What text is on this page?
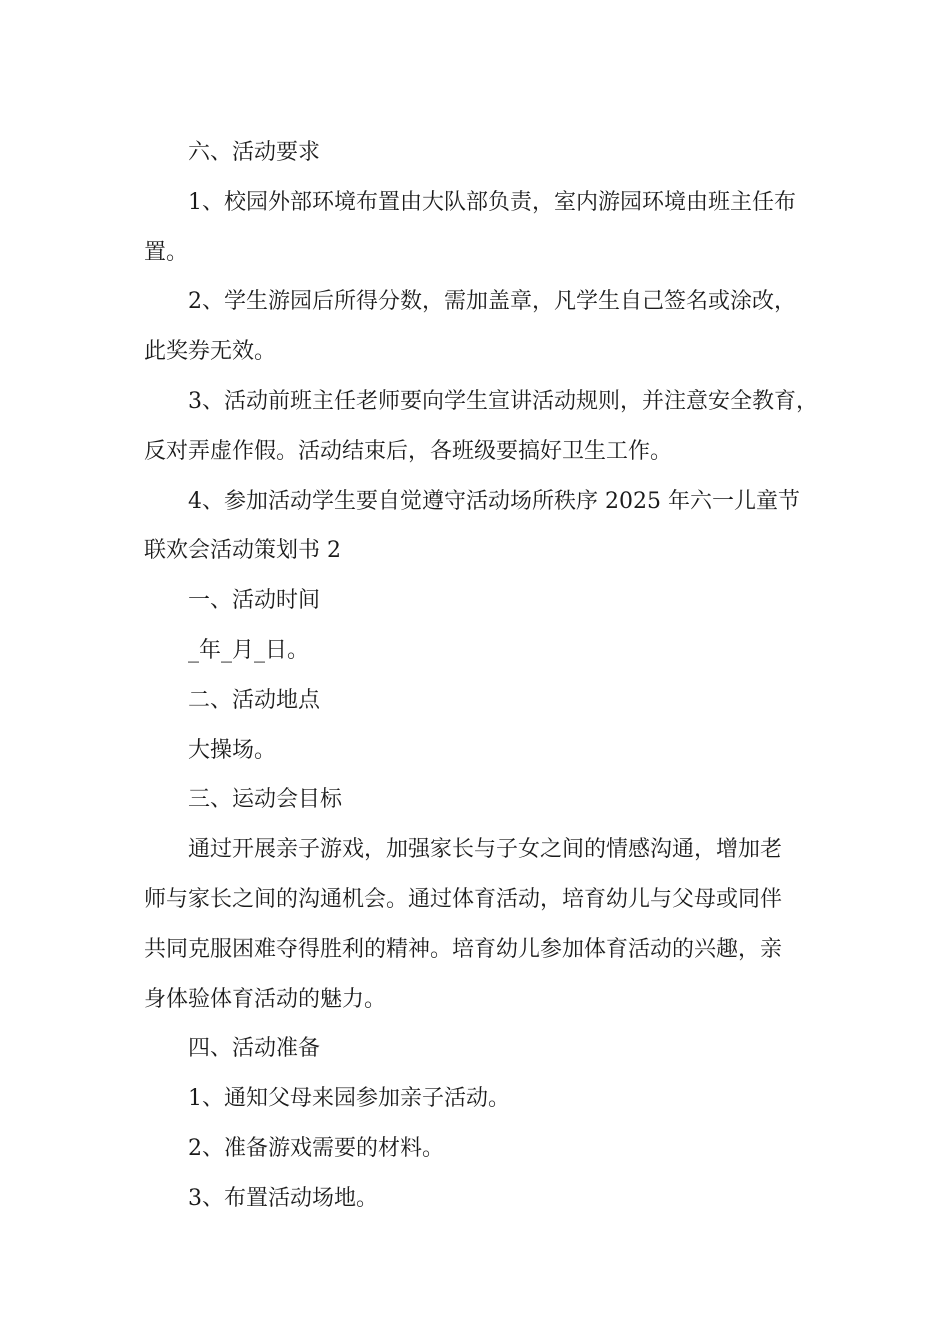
六、活动要求

1、校园外部环境布置由大队部负责，室内游园环境由班主任布
置。

2、学生游园后所得分数，需加盖章，凡学生自己签名或涂改，
此奖券无效。

3、活动前班主任老师要向学生宣讲活动规则，并注意安全教育，
反对弄虚作假。活动结束后，各班级要搞好卫生工作。

4、参加活动学生要自觉遵守活动场所秩序 2025 年六一儿童节
联欢会活动策划书 2

一、活动时间

_年_月_日。

二、活动地点

大操场。

三、运动会目标

通过开展亲子游戏，加强家长与子女之间的情感沟通，增加老
师与家长之间的沟通机会。通过体育活动，培育幼儿与父母或同伴
共同克服困难夺得胜利的精神。培育幼儿参加体育活动的兴趣，亲
身体验体育活动的魅力。

四、活动准备

1、通知父母来园参加亲子活动。

2、准备游戏需要的材料。

3、布置活动场地。
